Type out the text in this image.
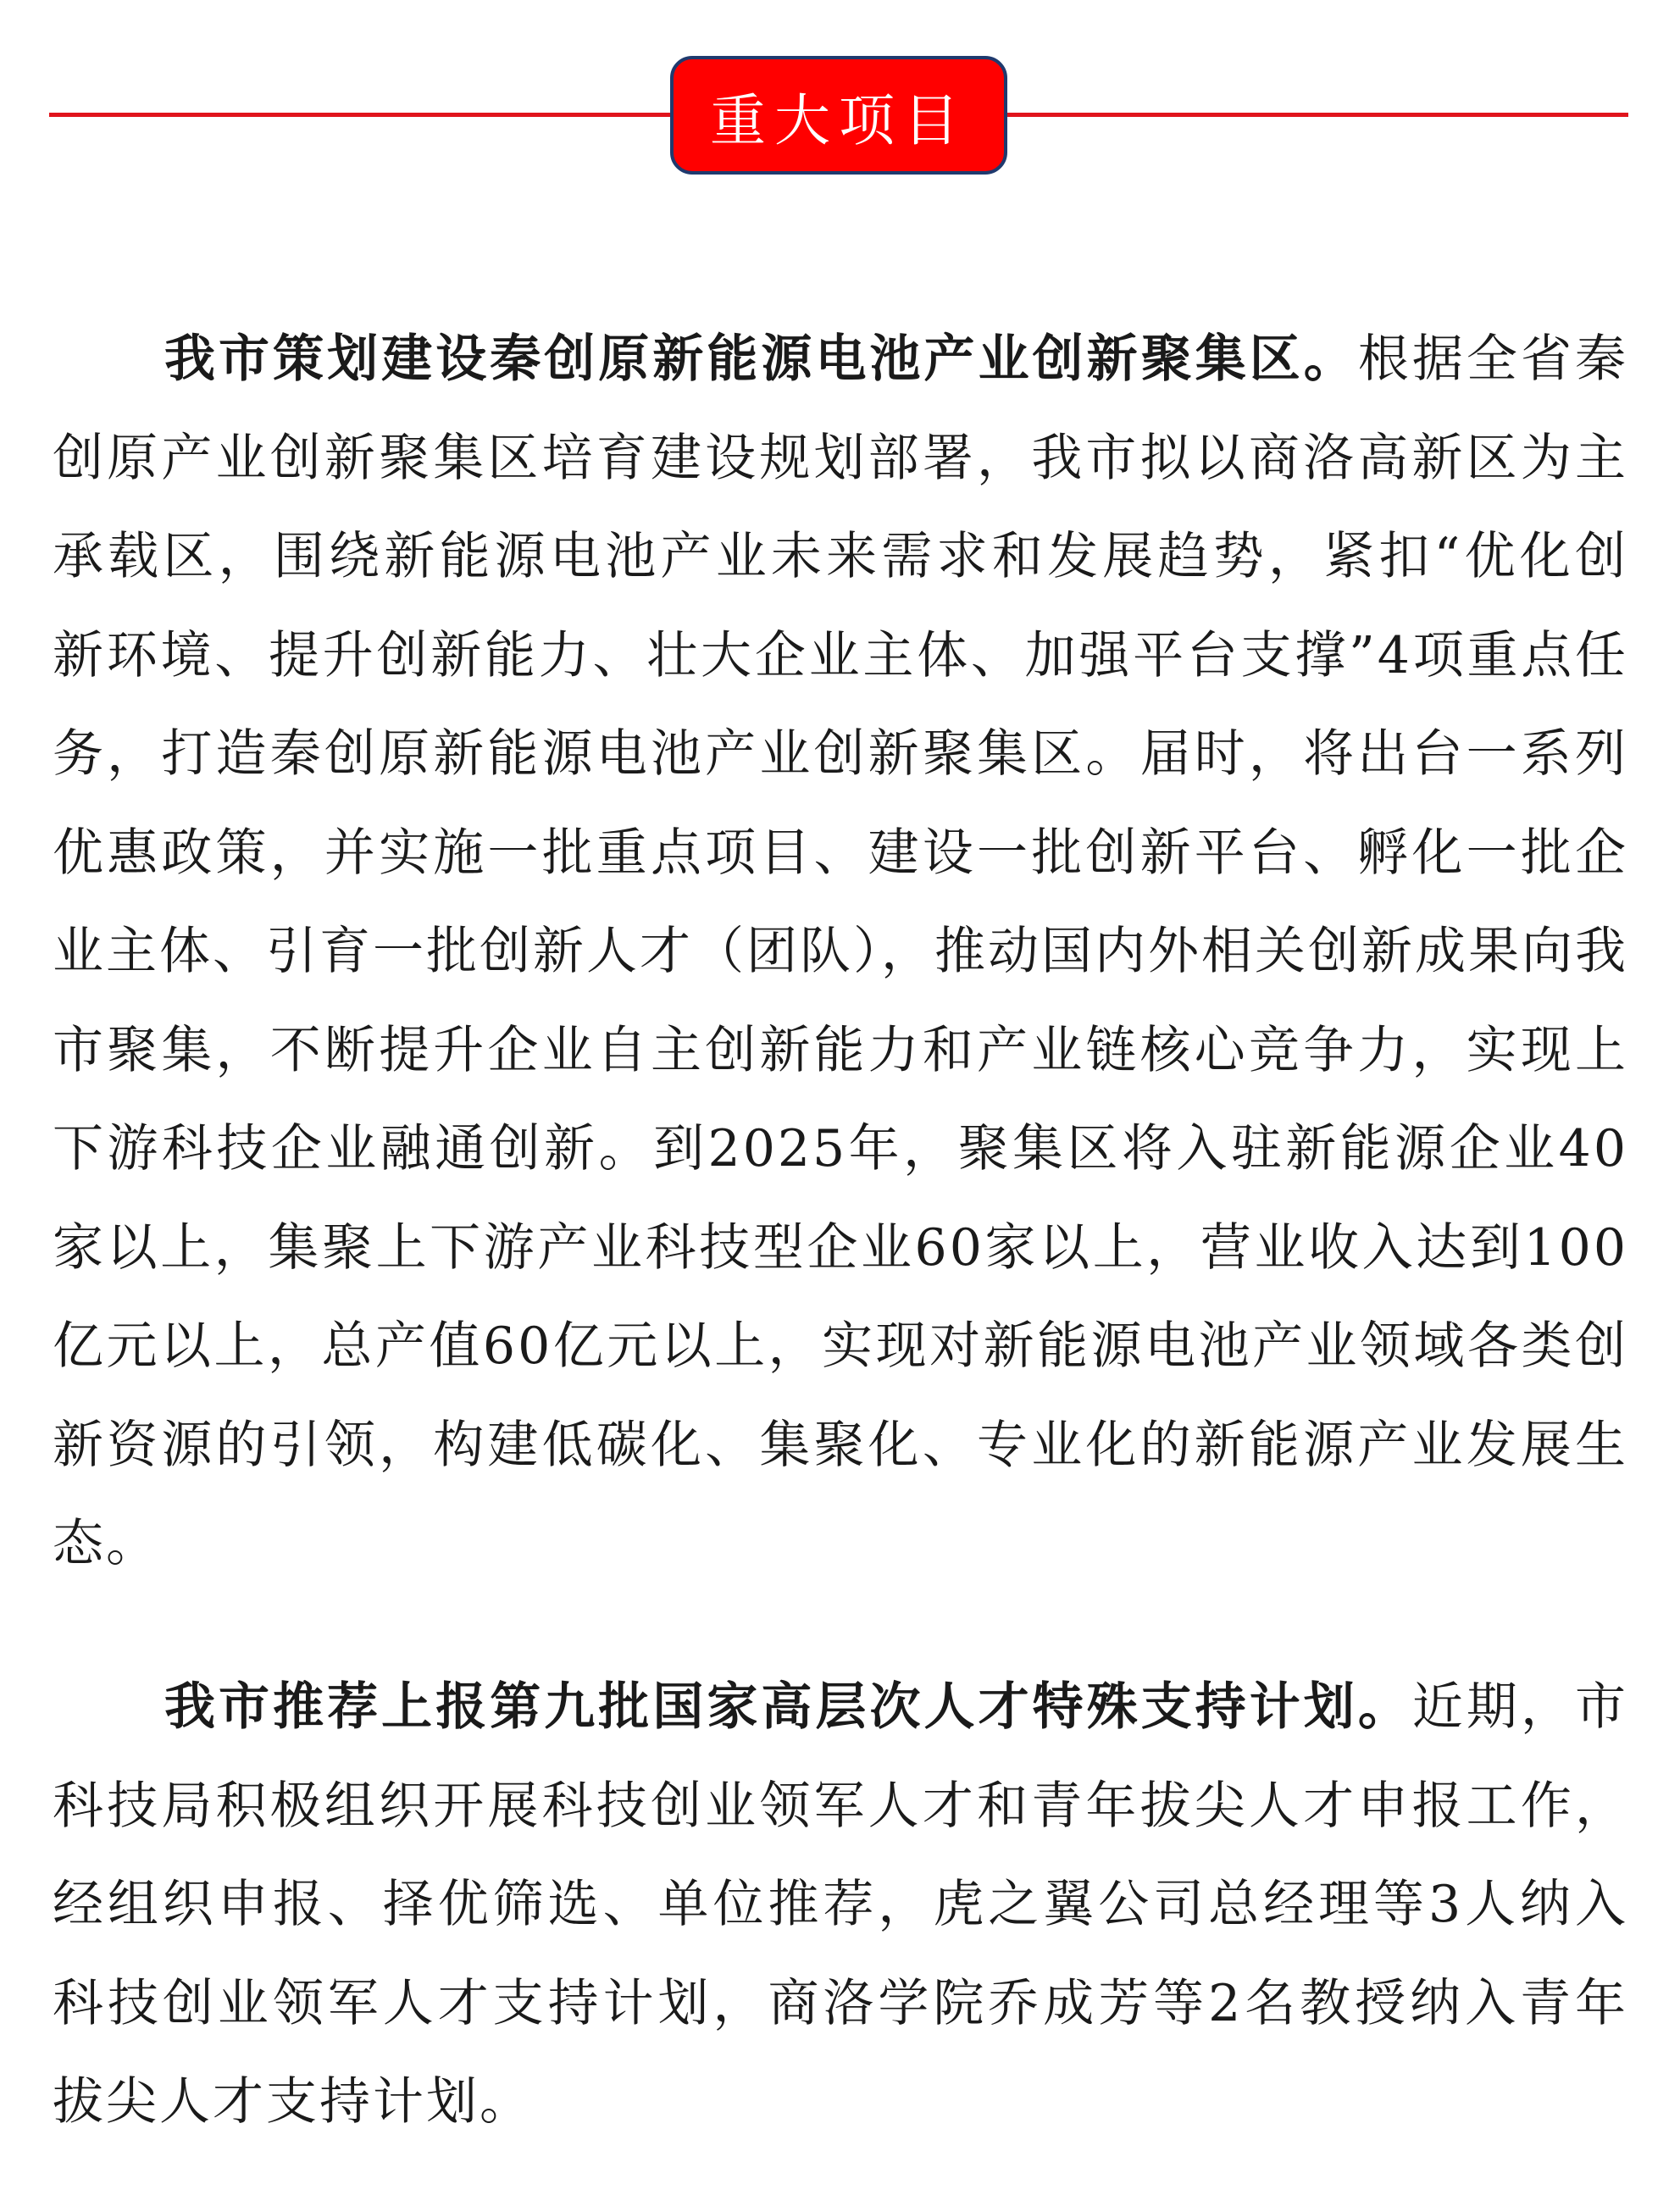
重大项目

我市策划建设秦创原新能源电池产业创新聚集区。根据全省秦创原产业创新聚集区培育建设规划部署，我市拟以商洛高新区为主承载区，围绕新能源电池产业未来需求和发展趋势，紧扣“优化创新环境、提升创新能力、壮大企业主体、加强平台支撑”4项重点任务，打造秦创原新能源电池产业创新聚集区。届时，将出台一系列优惠政策，并实施一批重点项目、建设一批创新平台、孵化一批企业主体、引育一批创新人才（团队），推动国内外相关创新成果向我市聚集，不断提升企业自主创新能力和产业链核心竞争力，实现上下游科技企业融通创新。到2025年，聚集区将入驻新能源企业40家以上，集聚上下游产业科技型企业60家以上，营业收入达到100亿元以上，总产值60亿元以上，实现对新能源电池产业领域各类创新资源的引领，构建低碳化、集聚化、专业化的新能源产业发展生态。

我市推荐上报第九批国家高层次人才特殊支持计划。近期，市科技局积极组织开展科技创业领军人才和青年拔尖人才申报工作，经组织申报、择优筛选、单位推荐，虎之翼公司总经理等3人纳入科技创业领军人才支持计划，商洛学院乔成芳等2名教授纳入青年拔尖人才支持计划。
